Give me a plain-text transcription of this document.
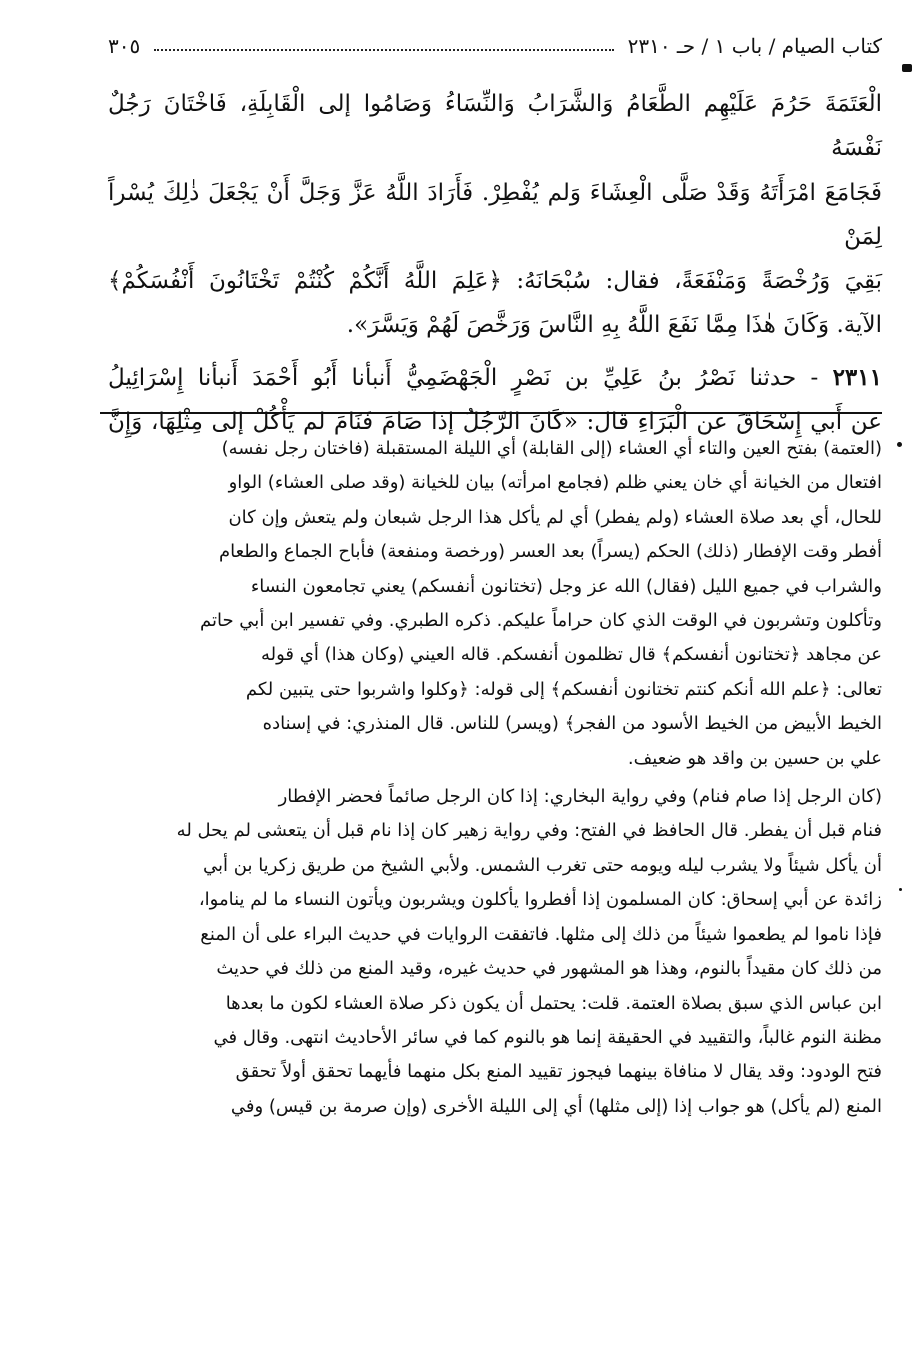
كتاب الصيام / باب ١ / حـ ٢٣١٠
٣٠٥

الْعَتَمَةَ حَرُمَ عَلَيْهِم الطَّعَامُ وَالشَّرَابُ وَالنِّسَاءُ وَصَامُوا إلى الْقَابِلَةِ، فَاخْتَانَ رَجُلٌ نَفْسَهُ

فَجَامَعَ امْرَأَتَهُ وَقَدْ صَلَّى الْعِشَاءَ وَلم يُفْطِرْ. فَأَرَادَ اللَّهُ عَزَّ وَجَلَّ أَنْ يَجْعَلَ ذٰلِكَ يُسْراً لِمَنْ

بَقِيَ وَرُخْصَةً وَمَنْفَعَةً، فقال: سُبْحَانَهُ: ﴿عَلِمَ اللَّهُ أَنَّكُمْ كُنْتُمْ تَخْتَانُونَ أَنْفُسَكُمْ﴾

الآية. وَكَانَ هٰذَا مِمَّا نَفَعَ اللَّهُ بِهِ النَّاسَ وَرَخَّصَ لَهُمْ وَيَسَّرَ».

٢٣١١ - حدثنا نَصْرُ بنُ عَلِيِّ بن نَصْرٍ الْجَهْضَمِيُّ أَنبأنا أَبُو أَحْمَدَ أَنبأنا إِسْرَائِيلُ

عن أَبي إِسْحَاقَ عن الْبَرَاءِ قال: «كَانَ الرَّجُلُ إذا صَامَ فَنَامَ لم يَأْكُلْ إلى مِثْلِهَا، وَإِنَّ

(العتمة) بفتح العين والتاء أي العشاء (إلى القابلة) أي الليلة المستقبلة (فاختان رجل نفسه)

افتعال من الخيانة أي خان يعني ظلم (فجامع امرأته) بيان للخيانة (وقد صلى العشاء) الواو

للحال، أي بعد صلاة العشاء (ولم يفطر) أي لم يأكل هذا الرجل شبعان ولم يتعش وإن كان

أفطر وقت الإفطار (ذلك) الحكم (يسراً) بعد العسر (ورخصة ومنفعة) فأباح الجماع والطعام

والشراب في جميع الليل (فقال) الله عز وجل (تختانون أنفسكم) يعني تجامعون النساء

وتأكلون وتشربون في الوقت الذي كان حراماً عليكم. ذكره الطبري. وفي تفسير ابن أبي حاتم

عن مجاهد ﴿تختانون أنفسكم﴾ قال تظلمون أنفسكم. قاله العيني (وكان هذا) أي قوله

تعالى: ﴿علم الله أنكم كنتم تختانون أنفسكم﴾ إلى قوله: ﴿وكلوا واشربوا حتى يتبين لكم

الخيط الأبيض من الخيط الأسود من الفجر﴾ (ويسر) للناس. قال المنذري: في إسناده

علي بن حسين بن واقد هو ضعيف.

(كان الرجل إذا صام فنام) وفي رواية البخاري: إذا كان الرجل صائماً فحضر الإفطار

فنام قبل أن يفطر. قال الحافظ في الفتح: وفي رواية زهير كان إذا نام قبل أن يتعشى لم يحل له

أن يأكل شيئاً ولا يشرب ليله ويومه حتى تغرب الشمس. ولأبي الشيخ من طريق زكريا بن أبي

زائدة عن أبي إسحاق: كان المسلمون إذا أفطروا يأكلون ويشربون ويأتون النساء ما لم يناموا،

فإذا ناموا لم يطعموا شيئاً من ذلك إلى مثلها. فاتفقت الروايات في حديث البراء على أن المنع

من ذلك كان مقيداً بالنوم، وهذا هو المشهور في حديث غيره، وقيد المنع من ذلك في حديث

ابن عباس الذي سبق بصلاة العتمة. قلت: يحتمل أن يكون ذكر صلاة العشاء لكون ما بعدها

مظنة النوم غالباً، والتقييد في الحقيقة إنما هو بالنوم كما في سائر الأحاديث انتهى. وقال في

فتح الودود: وقد يقال لا منافاة بينهما فيجوز تقييد المنع بكل منهما فأيهما تحقق أولاً تحقق

المنع (لم يأكل) هو جواب إذا (إلى مثلها) أي إلى الليلة الأخرى (وإن صرمة بن قيس) وفي
